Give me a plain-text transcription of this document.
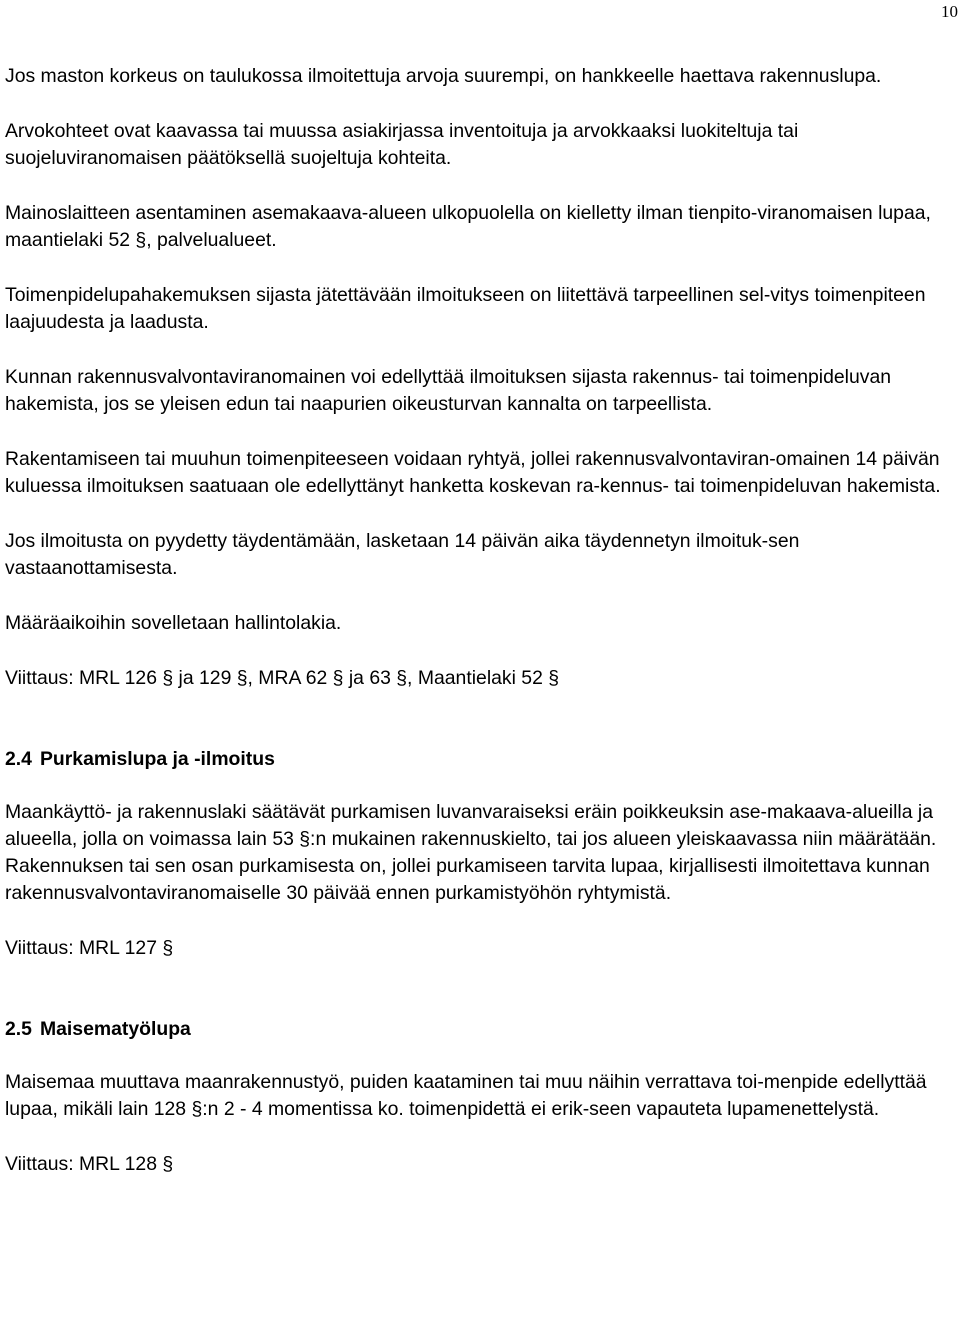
10

Jos maston korkeus on taulukossa ilmoitettuja arvoja suurempi, on hankkeelle haettava rakennuslupa.

Arvokohteet ovat kaavassa tai muussa asiakirjassa inventoituja ja arvokkaaksi luokiteltuja tai suojeluviranomaisen päätöksellä suojeltuja kohteita.

Mainoslaitteen asentaminen asemakaava-alueen ulkopuolella on kielletty ilman tienpito-viranomaisen lupaa, maantielaki 52 §, palvelualueet.

Toimenpidelupahakemuksen sijasta jätettävään ilmoitukseen on liitettävä tarpeellinen sel-vitys toimenpiteen laajuudesta ja laadusta.

Kunnan rakennusvalvontaviranomainen voi edellyttää ilmoituksen sijasta rakennus- tai toimenpideluvan hakemista, jos se yleisen edun tai naapurien oikeusturvan kannalta on tarpeellista.

Rakentamiseen tai muuhun toimenpiteeseen voidaan ryhtyä, jollei rakennusvalvontaviran-omainen 14 päivän kuluessa ilmoituksen saatuaan ole edellyttänyt hanketta koskevan ra-kennus- tai toimenpideluvan hakemista.

Jos ilmoitusta on pyydetty täydentämään, lasketaan 14 päivän aika täydennetyn ilmoituk-sen vastaanottamisesta.

Määräaikoihin sovelletaan hallintolakia.

Viittaus: MRL 126 § ja 129 §, MRA 62 § ja 63 §, Maantielaki 52 §

2.4 Purkamislupa ja -ilmoitus

Maankäyttö- ja rakennuslaki säätävät purkamisen luvanvaraiseksi eräin poikkeuksin ase-makaava-alueilla ja alueella, jolla on voimassa lain 53 §:n mukainen rakennuskielto, tai jos alueen yleiskaavassa niin määrätään. Rakennuksen tai sen osan purkamisesta on, jollei purkamiseen tarvita lupaa, kirjallisesti ilmoitettava kunnan rakennusvalvontaviranomaiselle 30 päivää ennen purkamistyöhön ryhtymistä.

Viittaus: MRL 127 §

2.5 Maisematyölupa

Maisemaa muuttava maanrakennustyö, puiden kaataminen tai muu näihin verrattava toi-menpide edellyttää lupaa, mikäli lain 128 §:n 2 - 4 momentissa ko. toimenpidettä ei erik-seen vapauteta lupamenettelystä.

Viittaus: MRL 128 §
